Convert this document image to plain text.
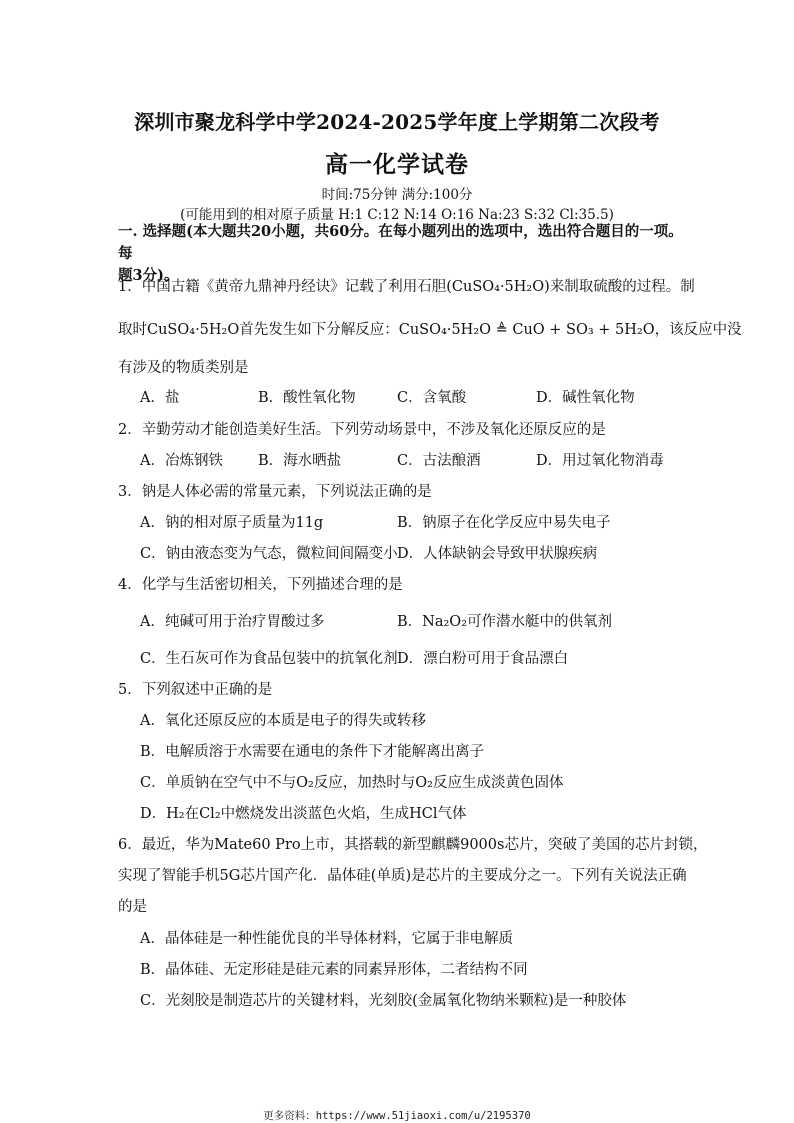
深圳市聚龙科学中学2024-2025学年度上学期第二次段考
高一化学试卷
时间:75分钟 满分:100分
(可能用到的相对原子质量 H:1 C:12 N:14 O:16 Na:23 S:32 Cl:35.5)
一. 选择题(本大题共20小题，共60分。在每小题列出的选项中，选出符合题目的一项。每
题3分)。
1．中国古籍《黄帝九鼎神丹经诀》记载了利用石胆(CuSO₄·5H₂O)来制取硫酸的过程。制
取时CuSO₄·5H₂O首先发生如下分解反应：CuSO₄·5H₂O ≜ CuO + SO₃ + 5H₂O，该反应中没
有涉及的物质类别是
A．盐	B．酸性氧化物	C．含氧酸	D．碱性氧化物
2．辛勤劳动才能创造美好生活。下列劳动场景中，不涉及氧化还原反应的是
A．冶炼钢铁 B．海水晒盐	C．古法酿酒	D．用过氧化物消毒
3．钠是人体必需的常量元素，下列说法正确的是
A．钠的相对原子质量为11g	B．钠原子在化学反应中易失电子
C．钠由液态变为气态，微粒间间隔变小 D．人体缺钠会导致甲状腺疾病
4．化学与生活密切相关，下列描述合理的是
A．纯碱可用于治疗胃酸过多	B．Na₂O₂可作潜水艇中的供氧剂
C．生石灰可作为食品包装中的抗氧化剂 D．漂白粉可用于食品漂白
5．下列叙述中正确的是
A．氧化还原反应的本质是电子的得失或转移
B．电解质溶于水需要在通电的条件下才能解离出离子
C．单质钠在空气中不与O₂反应，加热时与O₂反应生成淡黄色固体
D．H₂在Cl₂中燃烧发出淡蓝色火焰，生成HCl气体
6．最近，华为Mate60 Pro上市，其搭载的新型麒麟9000s芯片，突破了美国的芯片封锁，
实现了智能手机5G芯片国产化．晶体硅(单质)是芯片的主要成分之一。下列有关说法正确
的是
A．晶体硅是一种性能优良的半导体材料，它属于非电解质
B．晶体硅、无定形硅是硅元素的同素异形体，二者结构不同
C．光刻胶是制造芯片的关键材料，光刻胶(金属氧化物纳米颗粒)是一种胶体
更多资料：https://www.51jiaoxi.com/u/2195370
